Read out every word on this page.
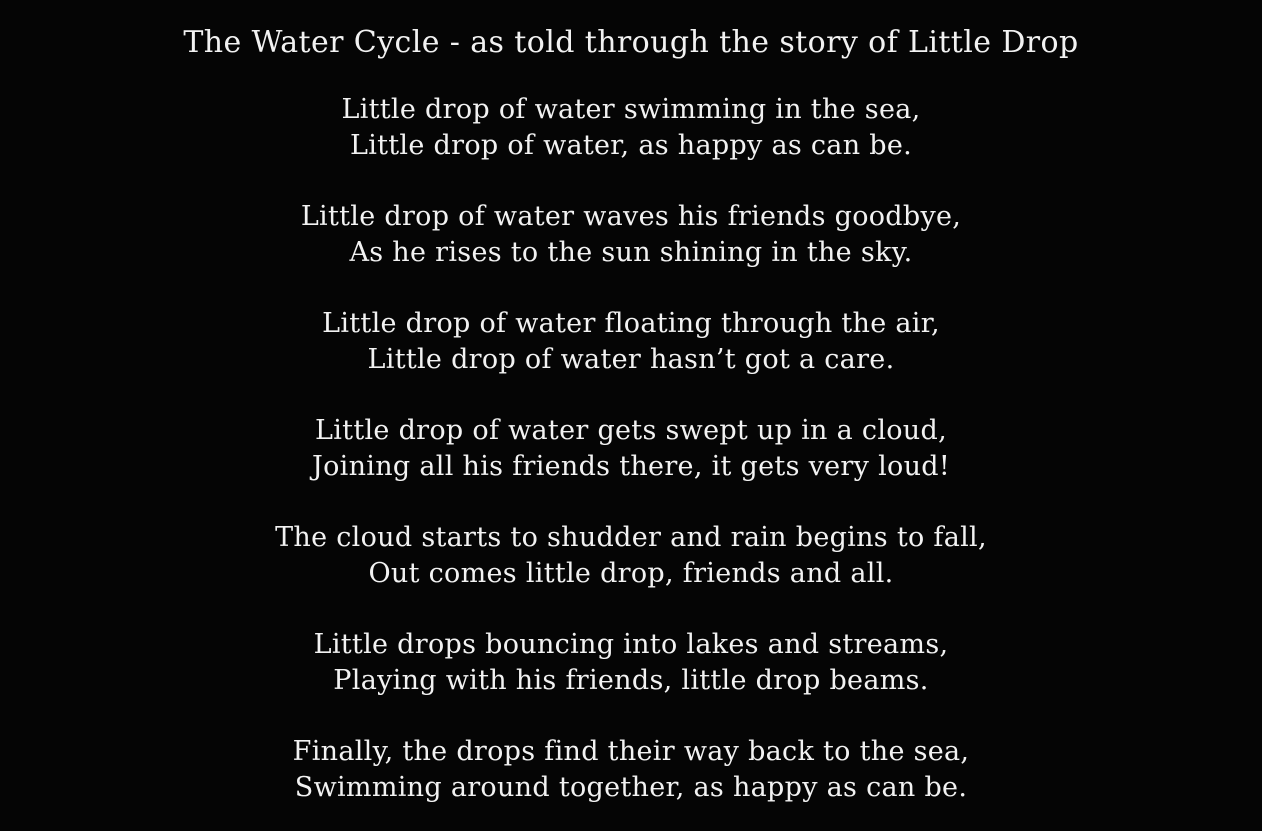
The Water Cycle - as told through the story of Little Drop
Little drop of water swimming in the sea,
Little drop of water, as happy as can be.
Little drop of water waves his friends goodbye,
As he rises to the sun shining in the sky.
Little drop of water floating through the air,
Little drop of water hasn’t got a care.
Little drop of water gets swept up in a cloud,
Joining all his friends there, it gets very loud!
The cloud starts to shudder and rain begins to fall,
Out comes little drop, friends and all.
Little drops bouncing into lakes and streams,
Playing with his friends, little drop beams.
Finally, the drops find their way back to the sea,
Swimming around together, as happy as can be.
